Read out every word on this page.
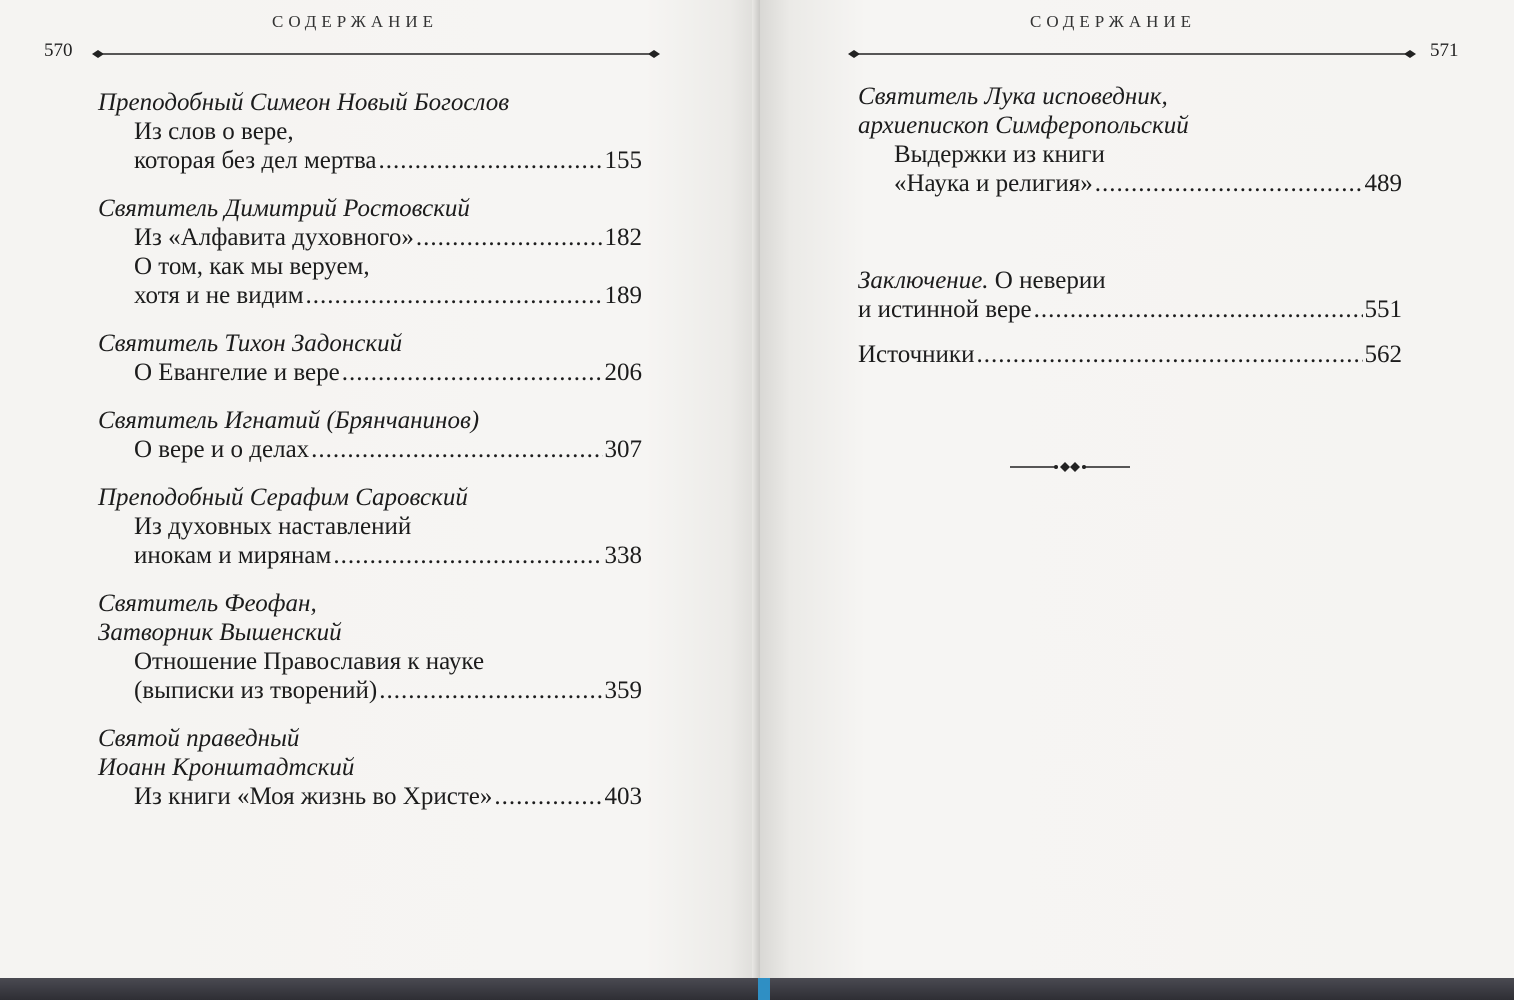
СОДЕРЖАНИЕ
570
Преподобный Симеон Новый Богослов
Из слов о вере,
которая без дел мертва .....	155
Святитель Димитрий Ростовский
Из «Алфавита духовного» .....	182
О том, как мы веруем,
хотя и не видим .....	189
Святитель Тихон Задонский
О Евангелие и вере .....	206
Святитель Игнатий (Брянчанинов)
О вере и о делах .....	307
Преподобный Серафим Саровский
Из духовных наставлений
инокам и мирянам .....	338
Святитель Феофан,
Затворник Вышенский
Отношение Православия к науке
(выписки из творений) .....	359
Святой праведный
Иоанн Кронштадтский
Из книги «Моя жизнь во Христе» .....	403
СОДЕРЖАНИЕ
571
Святитель Лука исповедник,
архиепископ Симферопольский
Выдержки из книги
«Наука и религия» .....	489
Заключение. О неверии
и истинной вере .....	551
Источники .....	562
